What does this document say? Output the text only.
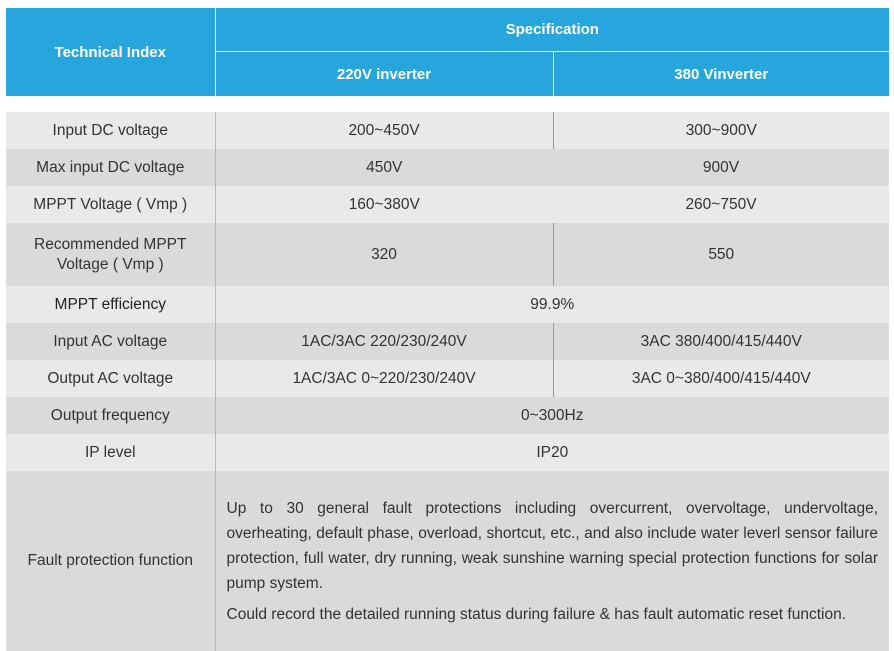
Technical Index	Specification	
	220V inverter	380 Vinverter

Input DC voltage	200~450V	300~900V
Max input DC voltage	450V	900V
MPPT Voltage ( Vmp )	160~380V	260~750V
Recommended MPPT
Voltage ( Vmp )	320	550
MPPT efficiency	99.9%	
Input AC voltage	1AC/3AC 220/230/240V	3AC 380/400/415/440V
Output AC voltage	1AC/3AC 0~220/230/240V	3AC 0~380/400/415/440V
Output frequency	0~300Hz	
IP level	IP20	
Fault protection function	Up to 30 general fault protections including overcurrent, overvoltage, undervoltage, overheating, default phase, overload, shortcut, etc., and also include water leverl sensor failure protection, full water, dry running, weak sunshine warning special protection functions for solar pump system.

Could record the detailed running status during failure & has fault automatic reset function.	
